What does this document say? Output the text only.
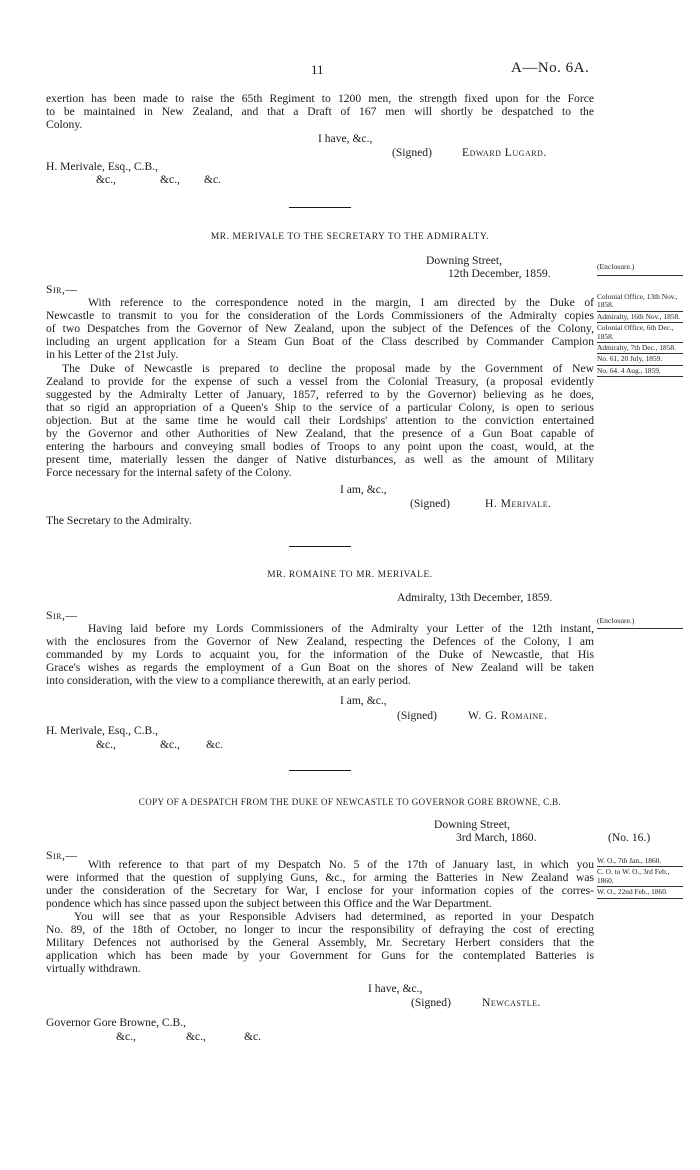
11	A—No. 6A.
exertion has been made to raise the 65th Regiment to 1200 men, the strength fixed upon for the Force
to be maintained in New Zealand, and that a Draft of 167 men will shortly be despatched to the
Colony.
I have, &c.,
(Signed)	Edward Lugard.
H. Merivale, Esq., C.B.,
&c.,	&c., &c.
MR. MERIVALE TO THE SECRETARY TO THE ADMIRALTY.
Downing Street,
12th December, 1859.
(Enclosure.)
Sir,—
With reference to the correspondence noted in the margin, I am directed by the Duke of
Newcastle to transmit to you for the consideration of the Lords Commissioners of the Admiralty copies
of two Despatches from the Governor of New Zealand, upon the subject of the Defences of the Colony,
including an urgent application for a Steam Gun Boat of the Class described by Commander Campion
in his Letter of the 21st July.
The Duke of Newcastle is prepared to decline the proposal made by the Government of New
Zealand to provide for the expense of such a vessel from the Colonial Treasury, (a proposal evidently
suggested by the Admiralty Letter of January, 1857, referred to by the Governor) believing as he does,
that so rigid an appropriation of a Queen's Ship to the service of a particular Colony, is open to serious
objection. But at the same time he would call their Lordships' attention to the conviction entertained
by the Governor and other Authorities of New Zealand, that the presence of a Gun Boat capable of
entering the harbours and conveying small bodies of Troops to any point upon the coast, would, at the
present time, materially lessen the danger of Native disturbances, as well as the amount of Military
Force necessary for the internal safety of the Colony.
Colonial Office, 13th Nov., 1858.
Admiralty, 16th Nov., 1858.
Colonial Office, 6th Dec., 1858.
Admiralty, 7th Dec., 1858.
No. 61, 20 July, 1859.
No. 64. 4 Aug., 1859.
I am, &c.,
(Signed)	H. Merivale.
The Secretary to the Admiralty.
MR. ROMAINE TO MR. MERIVALE.
Admiralty, 13th December, 1859.
Sir,—	(Enclosure.)
Having laid before my Lords Commissioners of the Admiralty your Letter of the 12th instant,
with the enclosures from the Governor of New Zealand, respecting the Defences of the Colony, I am
commanded by my Lords to acquaint you, for the information of the Duke of Newcastle, that His
Grace's wishes as regards the employment of a Gun Boat on the shores of New Zealand will be taken
into consideration, with the view to a compliance therewith, at an early period.
I am, &c.,
(Signed)	W. G. Romaine.
H. Merivale, Esq., C.B.,
&c.,	&c., &c.
COPY OF A DESPATCH FROM THE DUKE OF NEWCASTLE TO GOVERNOR GORE BROWNE, C.B.
Downing Street,
3rd March, 1860.	(No. 16.)
Sir,—
With reference to that part of my Despatch No. 5 of the 17th of January last, in which you
were informed that the question of supplying Guns, &c., for arming the Batteries in New Zealand was
under the consideration of the Secretary for War, I enclose for your information copies of the corres-
pondence which has since passed upon the subject between this Office and the War Department.
You will see that as your Responsible Advisers had determined, as reported in your Despatch
No. 89, of the 18th of October, no longer to incur the responsibility of defraying the cost of erecting
Military Defences not authorised by the General Assembly, Mr. Secretary Herbert considers that the
application which has been made by your Government for Guns for the contemplated Batteries is
virtually withdrawn.
W. O., 7th Jan., 1860.
C. O. to W. O., 3rd Feb., 1860.
W. O., 22nd Feb., 1860.
I have, &c.,
(Signed)	Newcastle.
Governor Gore Browne, C.B.,
&c.,	&c.,	&c.
